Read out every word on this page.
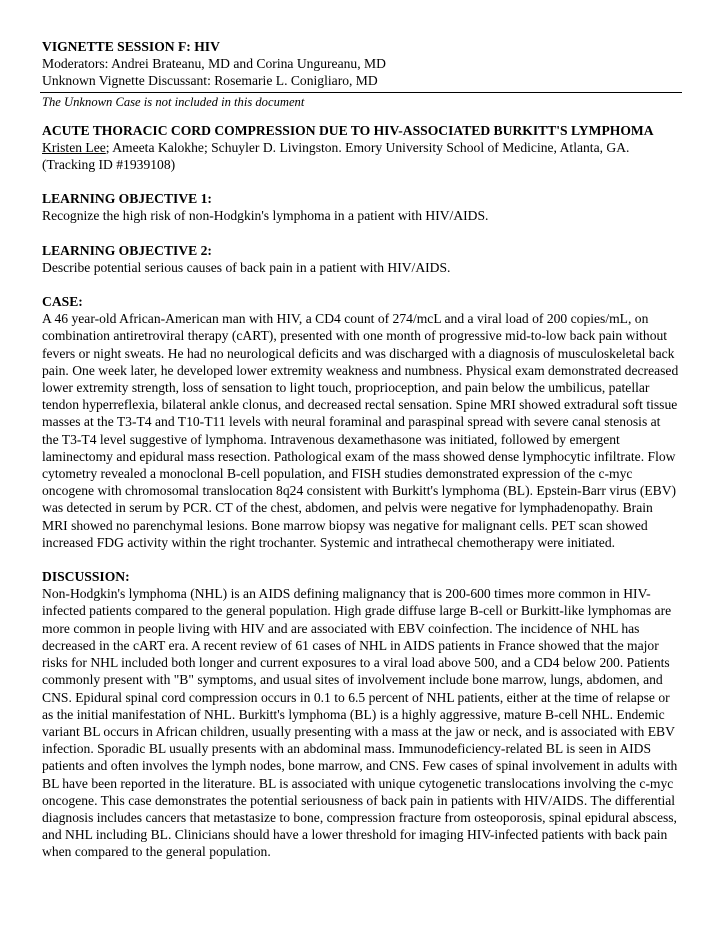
VIGNETTE SESSION F: HIV
Moderators: Andrei Brateanu, MD and Corina Ungureanu, MD
Unknown Vignette Discussant: Rosemarie L. Conigliaro, MD
The Unknown Case is not included in this document
ACUTE THORACIC CORD COMPRESSION DUE TO HIV-ASSOCIATED BURKITT'S LYMPHOMA
Kristen Lee; Ameeta Kalokhe; Schuyler D. Livingston. Emory University School of Medicine, Atlanta, GA. (Tracking ID #1939108)
LEARNING OBJECTIVE 1:

Recognize the high risk of non-Hodgkin's lymphoma in a patient with HIV/AIDS.

LEARNING OBJECTIVE 2:

Describe potential serious causes of back pain in a patient with HIV/AIDS.

CASE:

A 46 year-old African-American man with HIV, a CD4 count of 274/mcL and a viral load of 200 copies/mL, on combination antiretroviral therapy (cART), presented with one month of progressive mid-to-low back pain without fevers or night sweats. He had no neurological deficits and was discharged with a diagnosis of musculoskeletal back pain. One week later, he developed lower extremity weakness and numbness. Physical exam demonstrated decreased lower extremity strength, loss of sensation to light touch, proprioception, and pain below the umbilicus, patellar tendon hyperreflexia, bilateral ankle clonus, and decreased rectal sensation. Spine MRI showed extradural soft tissue masses at the T3-T4 and T10-T11 levels with neural foraminal and paraspinal spread with severe canal stenosis at the T3-T4 level suggestive of lymphoma. Intravenous dexamethasone was initiated, followed by emergent laminectomy and epidural mass resection. Pathological exam of the mass showed dense lymphocytic infiltrate. Flow cytometry revealed a monoclonal B-cell population, and FISH studies demonstrated expression of the c-myc oncogene with chromosomal translocation 8q24 consistent with Burkitt's lymphoma (BL). Epstein-Barr virus (EBV) was detected in serum by PCR. CT of the chest, abdomen, and pelvis were negative for lymphadenopathy. Brain MRI showed no parenchymal lesions. Bone marrow biopsy was negative for malignant cells. PET scan showed increased FDG activity within the right trochanter. Systemic and intrathecal chemotherapy were initiated.

DISCUSSION:

Non-Hodgkin's lymphoma (NHL) is an AIDS defining malignancy that is 200-600 times more common in HIV-infected patients compared to the general population. High grade diffuse large B-cell or Burkitt-like lymphomas are more common in people living with HIV and are associated with EBV coinfection. The incidence of NHL has decreased in the cART era. A recent review of 61 cases of NHL in AIDS patients in France showed that the major risks for NHL included both longer and current exposures to a viral load above 500, and a CD4 below 200. Patients commonly present with "B" symptoms, and usual sites of involvement include bone marrow, lungs, abdomen, and CNS. Epidural spinal cord compression occurs in 0.1 to 6.5 percent of NHL patients, either at the time of relapse or as the initial manifestation of NHL. Burkitt's lymphoma (BL) is a highly aggressive, mature B-cell NHL. Endemic variant BL occurs in African children, usually presenting with a mass at the jaw or neck, and is associated with EBV infection. Sporadic BL usually presents with an abdominal mass. Immunodeficiency-related BL is seen in AIDS patients and often involves the lymph nodes, bone marrow, and CNS. Few cases of spinal involvement in adults with BL have been reported in the literature. BL is associated with unique cytogenetic translocations involving the c-myc oncogene. This case demonstrates the potential seriousness of back pain in patients with HIV/AIDS. The differential diagnosis includes cancers that metastasize to bone, compression fracture from osteoporosis, spinal epidural abscess, and NHL including BL. Clinicians should have a lower threshold for imaging HIV-infected patients with back pain when compared to the general population.
